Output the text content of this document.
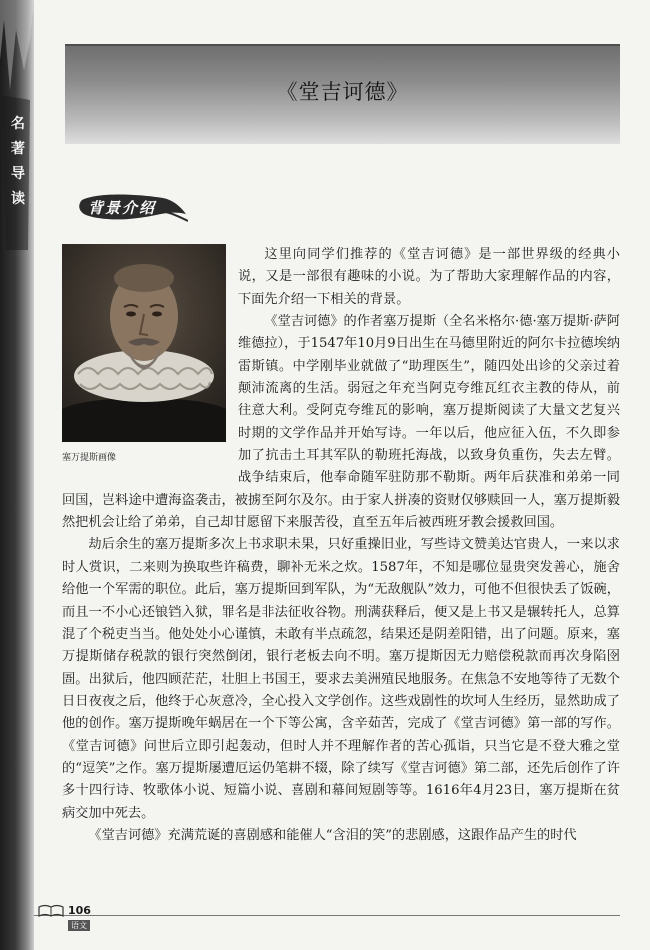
名
著
导
读
《堂吉诃德》
背景介绍
塞万提斯画像

这里向同学们推荐的《堂吉诃德》是一部世界级的经典小说，又是一部很有趣味的小说。为了帮助大家理解作品的内容，下面先介绍一下相关的背景。

《堂吉诃德》的作者塞万提斯（全名米格尔·德·塞万提斯·萨阿维德拉），于1547年10月9日出生在马德里附近的阿尔卡拉德埃纳雷斯镇。中学刚毕业就做了“助理医生”，随四处出诊的父亲过着颠沛流离的生活。弱冠之年充当阿克夸维瓦红衣主教的侍从，前往意大利。受阿克夸维瓦的影响，塞万提斯阅读了大量文艺复兴时期的文学作品并开始写诗。一年以后，他应征入伍，不久即参加了抗击土耳其军队的勒班托海战，以致身负重伤，失去左臂。战争结束后，他奉命随军驻防那不勒斯。两年后获准和弟弟一同回国，岂料途中遭海盗袭击，被掳至阿尔及尔。由于家人拼凑的资财仅够赎回一人，塞万提斯毅然把机会让给了弟弟，自己却甘愿留下来服苦役，直至五年后被西班牙教会援救回国。

劫后余生的塞万提斯多次上书求职未果，只好重操旧业，写些诗文赞美达官贵人，一来以求时人赏识，二来则为换取些许稿费，聊补无米之炊。1587年，不知是哪位显贵突发善心，施舍给他一个军需的职位。此后，塞万提斯回到军队，为“无敌舰队”效力，可他不但很快丢了饭碗，而且一不小心还锒铛入狱，罪名是非法征收谷物。刑满获释后，便又是上书又是辗转托人，总算混了个税吏当当。他处处小心谨慎，未敢有半点疏忽，结果还是阴差阳错，出了问题。原来，塞万提斯储存税款的银行突然倒闭，银行老板去向不明。塞万提斯因无力赔偿税款而再次身陷囹圄。出狱后，他四顾茫茫，壮胆上书国王，要求去美洲殖民地服务。在焦急不安地等待了无数个日日夜夜之后，他终于心灰意冷，全心投入文学创作。这些戏剧性的坎坷人生经历，显然助成了他的创作。塞万提斯晚年蜗居在一个下等公寓，含辛茹苦，完成了《堂吉诃德》第一部的写作。《堂吉诃德》问世后立即引起轰动，但时人并不理解作者的苦心孤诣，只当它是不登大雅之堂的“逗笑”之作。塞万提斯屡遭厄运仍笔耕不辍，除了续写《堂吉诃德》第二部，还先后创作了许多十四行诗、牧歌体小说、短篇小说、喜剧和幕间短剧等等。1616年4月23日，塞万提斯在贫病交加中死去。

《堂吉诃德》充满荒诞的喜剧感和能催人“含泪的笑”的悲剧感，这跟作品产生的时代

106
语文
